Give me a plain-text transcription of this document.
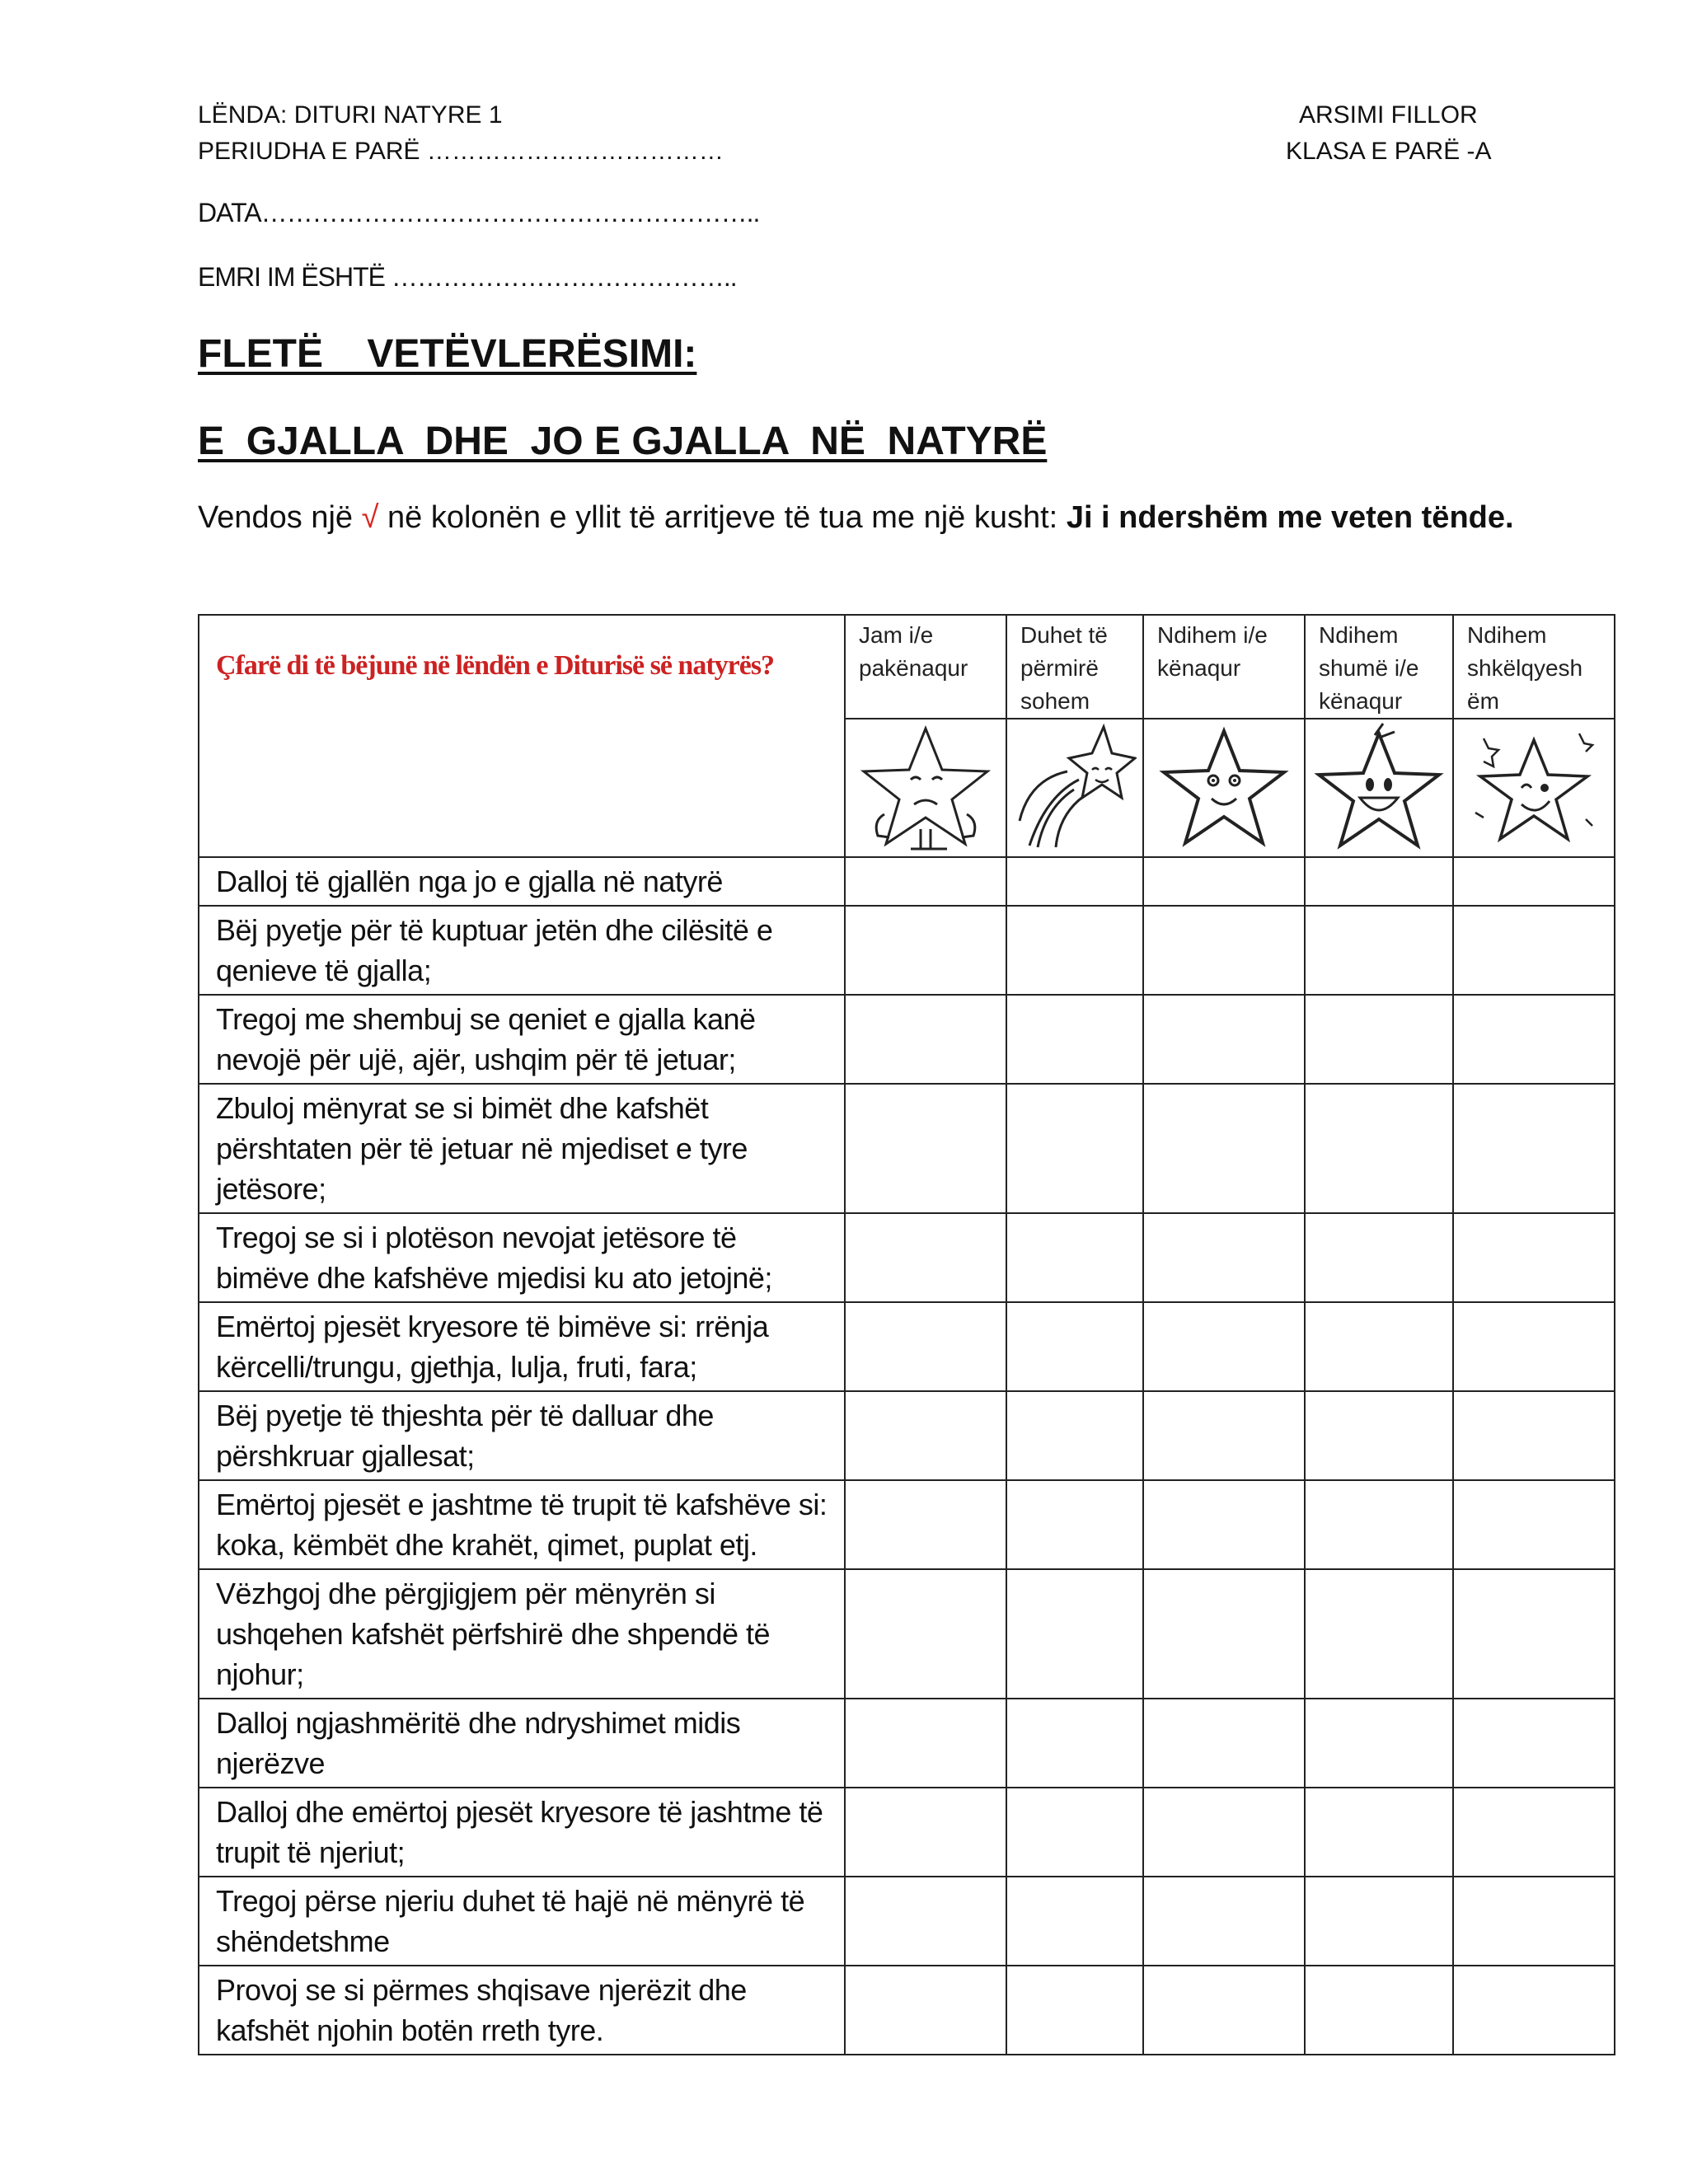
LËNDA: DITURI NATYRE 1
PERIUDHA E PARË ………………………………
ARSIMI FILLOR
KLASA E PARË -A
DATA…………………………………………………..
EMRI IM ËSHTË …………………………………..
FLETË    VETËVLERËSIMI:
E  GJALLA  DHE  JO E GJALLA  NË  NATYRË
Vendos një √ në kolonën e yllit të arritjeve të tua me një kusht: Ji i ndershëm me veten tënde.
Çfarë di të bëjunë në lëndën e Diturisë së natyrës?	Jam i/e pakënaqur	Duhet të përmirë sohem	Ndihem i/e kënaqur	Ndihem shumë i/e kënaqur	Ndihem shkëlqyesh ëm

Dalloj të gjallën nga jo e gjalla në natyrë					
Bëj pyetje për të kuptuar jetën dhe cilësitë e qenieve të gjalla;					
Tregoj me shembuj se qeniet e gjalla kanë nevojë për ujë, ajër, ushqim për të jetuar;					
Zbuloj mënyrat se si bimët dhe kafshët përshtaten për të jetuar në mjediset e tyre jetësore;					
Tregoj se si i plotëson nevojat jetësore të bimëve dhe kafshëve mjedisi ku ato jetojnë;					
Emërtoj pjesët kryesore të bimëve si: rrënja kërcelli/trungu, gjethja, lulja, fruti, fara;					
Bëj pyetje të thjeshta për të dalluar dhe përshkruar gjallesat;					
Emërtoj pjesët e jashtme të trupit të kafshëve si: koka, këmbët dhe krahët, qimet, puplat etj.					
Vëzhgoj dhe përgjigjem për mënyrën si ushqehen kafshët përfshirë dhe shpendë të njohur;					
Dalloj ngjashmëritë dhe ndryshimet midis njerëzve					
Dalloj dhe emërtoj pjesët kryesore të jashtme të trupit të njeriut;					
Tregoj përse njeriu duhet të hajë në mënyrë të shëndetshme					
Provoj se si përmes shqisave njerëzit dhe kafshët njohin botën rreth tyre.					
